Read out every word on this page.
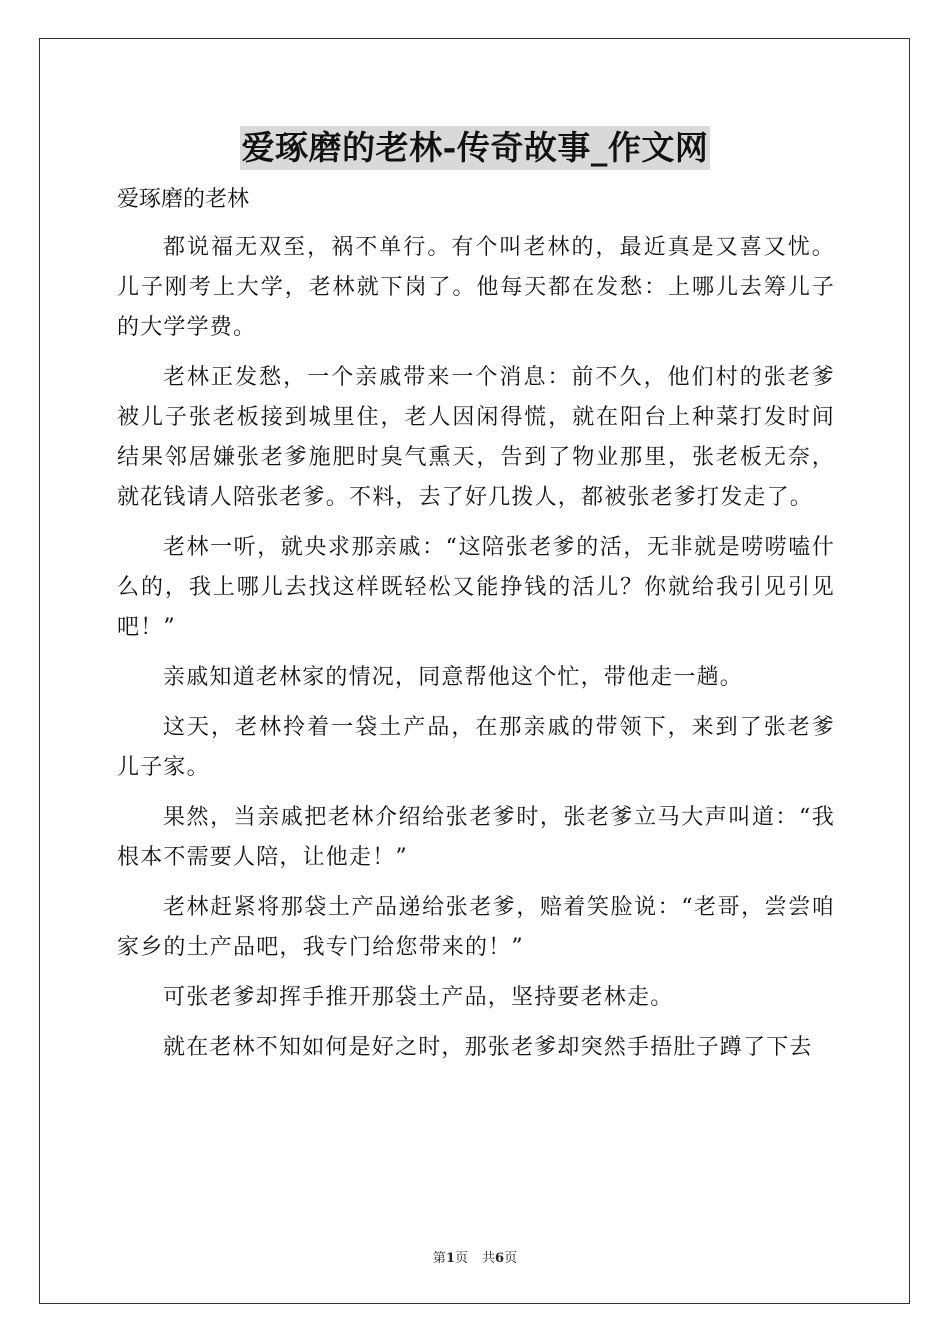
爱琢磨的老林-传奇故事_作文网
爱琢磨的老林

都说福无双至，祸不单行。有个叫老林的，最近真是又喜又忧。儿子刚考上大学，老林就下岗了。他每天都在发愁：上哪儿去筹儿子的大学学费。

老林正发愁，一个亲戚带来一个消息：前不久，他们村的张老爹被儿子张老板接到城里住，老人因闲得慌，就在阳台上种菜打发时间结果邻居嫌张老爹施肥时臭气熏天，告到了物业那里，张老板无奈，就花钱请人陪张老爹。不料，去了好几拨人，都被张老爹打发走了。

老林一听，就央求那亲戚：“这陪张老爹的活，无非就是唠唠嗑什么的，我上哪儿去找这样既轻松又能挣钱的活儿？你就给我引见引见吧！”

亲戚知道老林家的情况，同意帮他这个忙，带他走一趟。

这天，老林拎着一袋土产品，在那亲戚的带领下，来到了张老爹儿子家。

果然，当亲戚把老林介绍给张老爹时，张老爹立马大声叫道：“我根本不需要人陪，让他走！”

老林赶紧将那袋土产品递给张老爹，赔着笑脸说：“老哥，尝尝咱家乡的土产品吧，我专门给您带来的！”

可张老爹却挥手推开那袋土产品，坚持要老林走。

就在老林不知如何是好之时，那张老爹却突然手捂肚子蹲了下去

第1页 共6页
